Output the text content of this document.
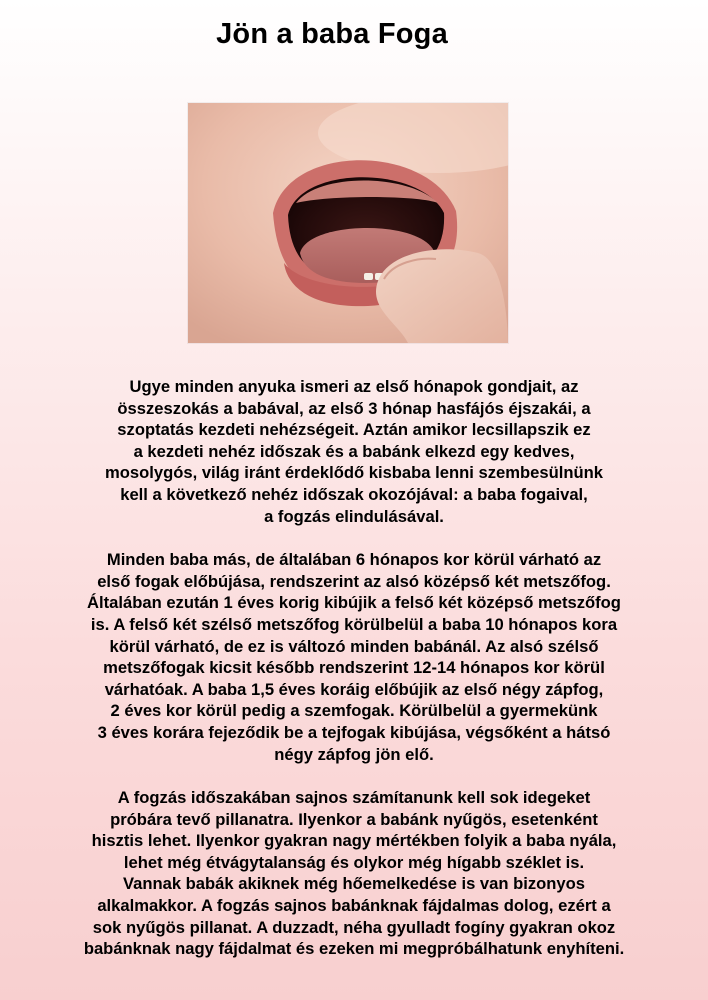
Jön a baba Foga

Ugye minden anyuka ismeri az első hónapok gondjait, az
összeszokás a babával, az első 3 hónap hasfájós éjszakái, a
szoptatás kezdeti nehézségeit. Aztán amikor lecsillapszik ez
a kezdeti nehéz időszak és a babánk elkezd egy kedves,
mosolygós, világ iránt érdeklődő kisbaba lenni szembesülnünk
kell a következő nehéz időszak okozójával: a baba fogaival,
a fogzás elindulásával.

Minden baba más, de általában 6 hónapos kor körül várható az
első fogak előbújása, rendszerint az alsó középső két metszőfog.
Általában ezután 1 éves korig kibújik a felső két középső metszőfog
is. A felső két szélső metszőfog körülbelül a baba 10 hónapos kora
körül várható, de ez is változó minden babánál. Az alsó szélső
metszőfogak kicsit később rendszerint 12-14 hónapos kor körül
várhatóak. A baba 1,5 éves koráig előbújik az első négy zápfog,
2 éves kor körül pedig a szemfogak. Körülbelül a gyermekünk
3 éves korára fejeződik be a tejfogak kibújása, végsőként a hátsó
négy zápfog jön elő.

A fogzás időszakában sajnos számítanunk kell sok idegeket
próbára tevő pillanatra. Ilyenkor a babánk nyűgös, esetenként
hisztis lehet. Ilyenkor gyakran nagy mértékben folyik a baba nyála,
lehet még étvágytalanság és olykor még hígabb széklet is.
Vannak babák akiknek még hőemelkedése is van bizonyos
alkalmakkor. A fogzás sajnos babánknak fájdalmas dolog, ezért a
sok nyűgös pillanat. A duzzadt, néha gyulladt fogíny gyakran okoz
babánknak nagy fájdalmat és ezeken mi megpróbálhatunk enyhíteni.
